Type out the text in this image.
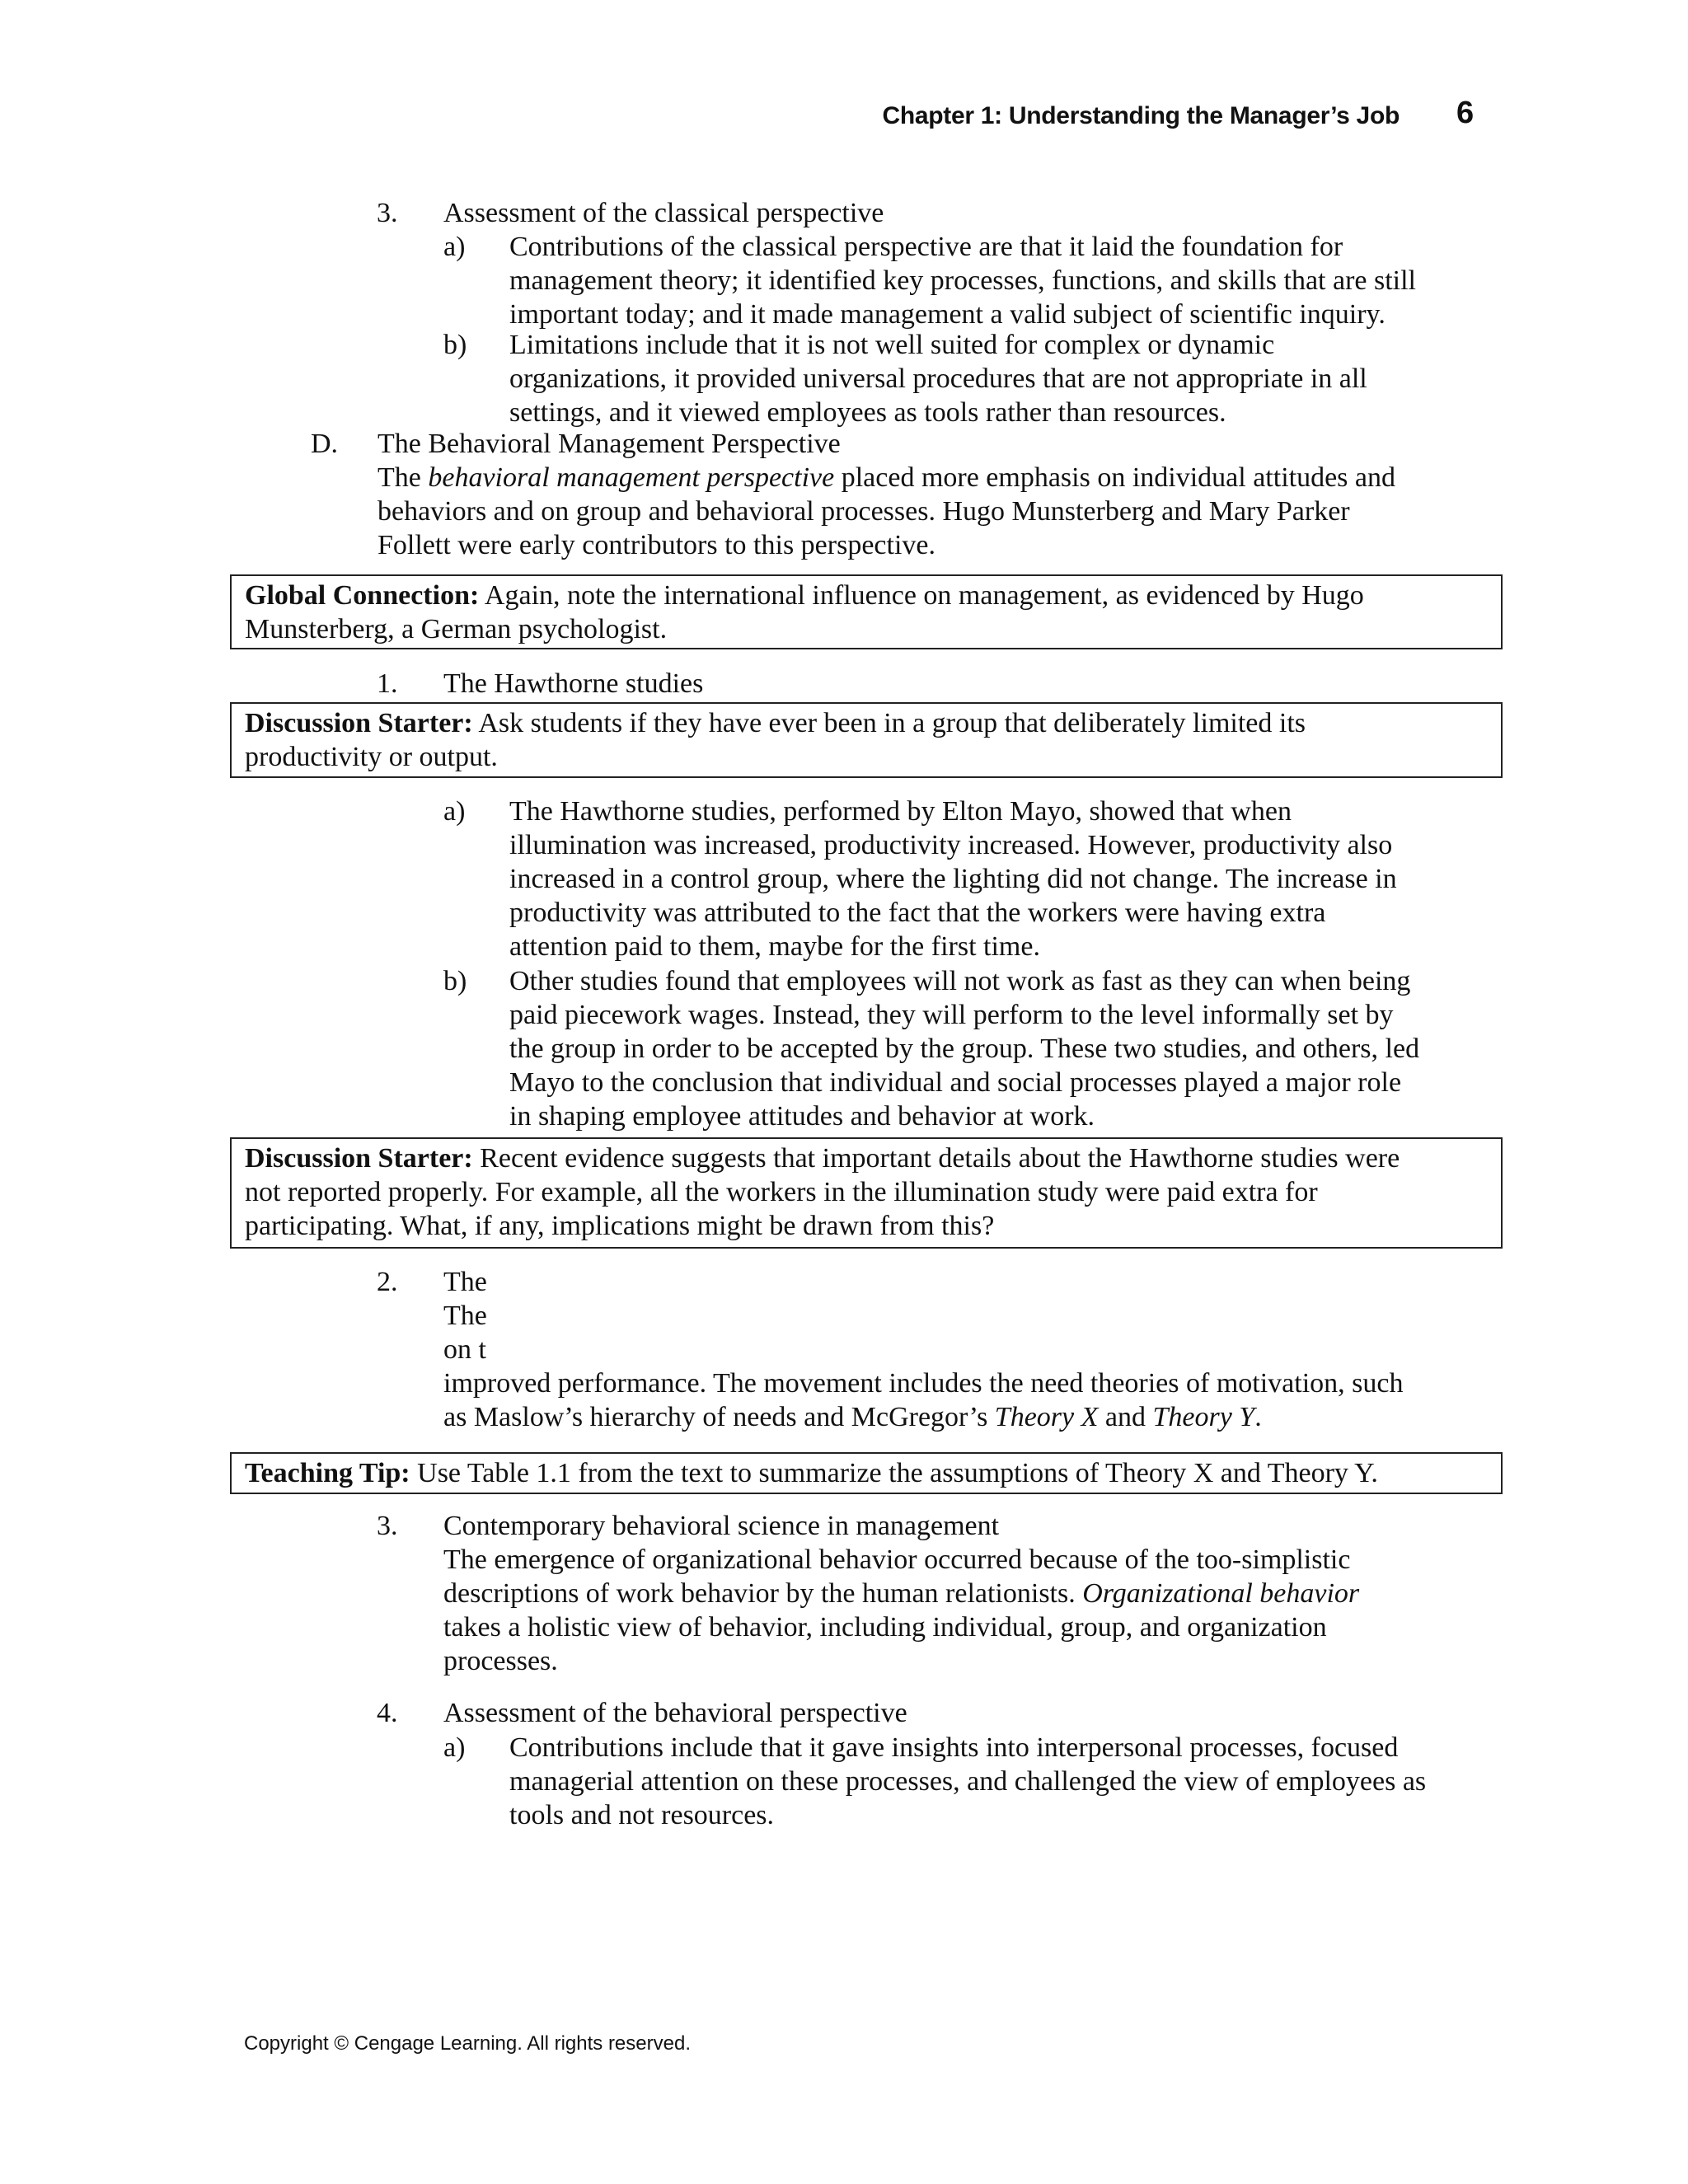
Chapter 1: Understanding the Manager’s Job 6
3. Assessment of the classical perspective
a) Contributions of the classical perspective are that it laid the foundation for
management theory; it identified key processes, functions, and skills that are still
important today; and it made management a valid subject of scientific inquiry.
b) Limitations include that it is not well suited for complex or dynamic
organizations, it provided universal procedures that are not appropriate in all
settings, and it viewed employees as tools rather than resources.
D. The Behavioral Management Perspective
The behavioral management perspective placed more emphasis on individual attitudes and
behaviors and on group and behavioral processes. Hugo Munsterberg and Mary Parker
Follett were early contributors to this perspective.
Global Connection: Again, note the international influence on management, as evidenced by Hugo
Munsterberg, a German psychologist.
1. The Hawthorne studies
Discussion Starter: Ask students if they have ever been in a group that deliberately limited its
productivity or output.
a) The Hawthorne studies, performed by Elton Mayo, showed that when
illumination was increased, productivity increased. However, productivity also
increased in a control group, where the lighting did not change. The increase in
productivity was attributed to the fact that the workers were having extra
attention paid to them, maybe for the first time.
b) Other studies found that employees will not work as fast as they can when being
paid piecework wages. Instead, they will perform to the level informally set by
the group in order to be accepted by the group. These two studies, and others, led
Mayo to the conclusion that individual and social processes played a major role
in shaping employee attitudes and behavior at work.
Discussion Starter: Recent evidence suggests that important details about the Hawthorne studies were
not reported properly. For example, all the workers in the illumination study were paid extra for
participating. What, if any, implications might be drawn from this?
2. The
The
on t
improved performance. The movement includes the need theories of motivation, such
as Maslow’s hierarchy of needs and McGregor’s Theory X and Theory Y.
Teaching Tip: Use Table 1.1 from the text to summarize the assumptions of Theory X and Theory Y.
3. Contemporary behavioral science in management
The emergence of organizational behavior occurred because of the too-simplistic
descriptions of work behavior by the human relationists. Organizational behavior
takes a holistic view of behavior, including individual, group, and organization
processes.
4. Assessment of the behavioral perspective
a) Contributions include that it gave insights into interpersonal processes, focused
managerial attention on these processes, and challenged the view of employees as
tools and not resources.
Copyright © Cengage Learning. All rights reserved.
